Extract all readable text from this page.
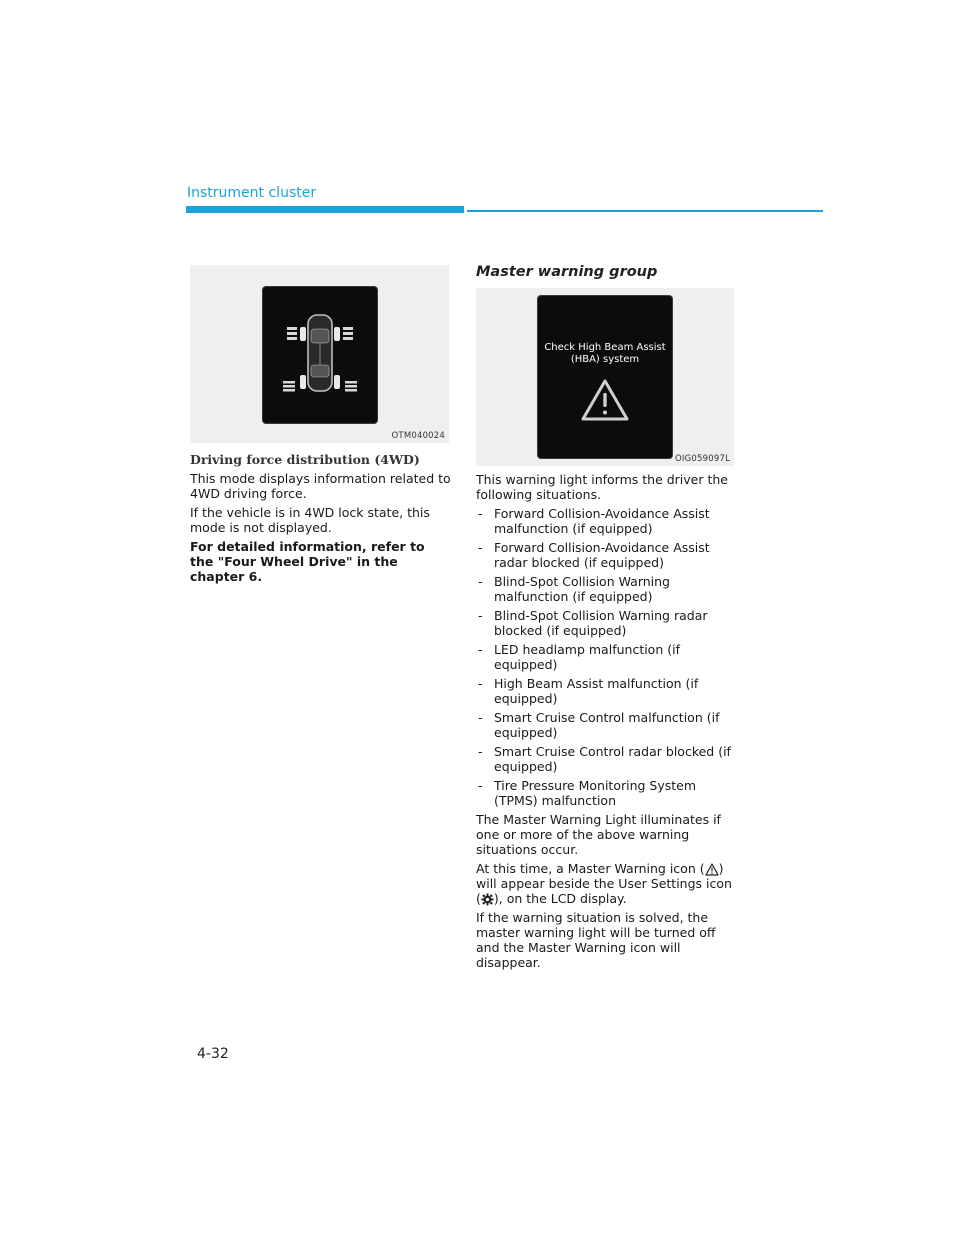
Instrument cluster
OTM040024

Driving force distribution (4WD)

This mode displays information related to 4WD driving force.

If the vehicle is in 4WD lock state, this mode is not displayed.

For detailed information, refer to the "Four Wheel Drive" in the chapter 6.

Master warning group
Check High Beam Assist
(HBA) system
OIG059097L

This warning light informs the driver the following situations.

- Forward Collision-Avoidance Assist malfunction (if equipped)
- Forward Collision-Avoidance Assist radar blocked (if equipped)
- Blind-Spot Collision Warning malfunction (if equipped)
- Blind-Spot Collision Warning radar blocked (if equipped)
- LED headlamp malfunction (if equipped)
- High Beam Assist malfunction (if equipped)
- Smart Cruise Control malfunction (if equipped)
- Smart Cruise Control radar blocked (if equipped)
- Tire Pressure Monitoring System (TPMS) malfunction

The Master Warning Light illuminates if one or more of the above warning situations occur.

At this time, a Master Warning icon ( ) will appear beside the User Settings icon ( ), on the LCD display.

If the warning situation is solved, the master warning light will be turned off and the Master Warning icon will disappear.

4-32
